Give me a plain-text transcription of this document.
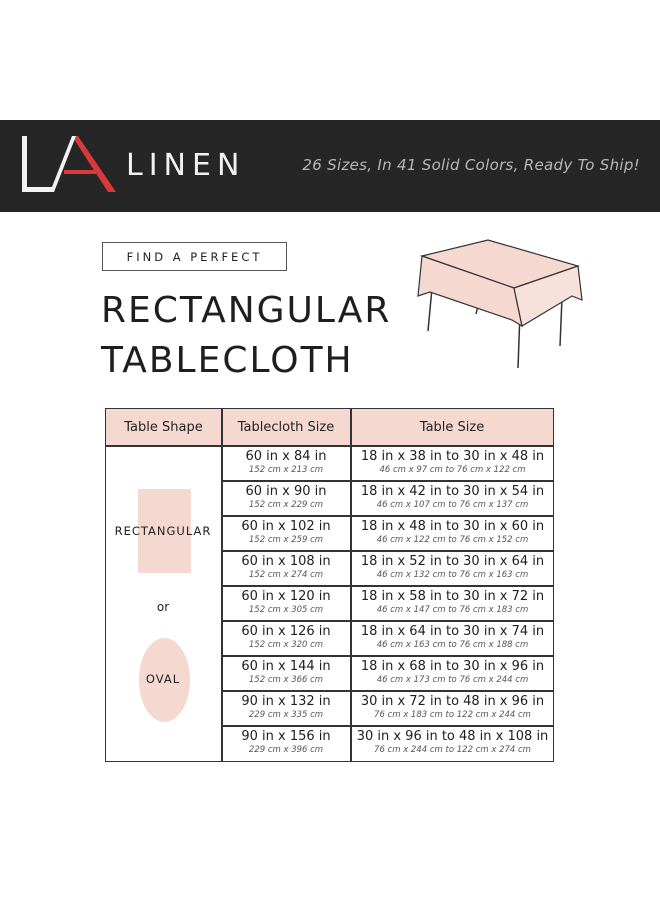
LINEN	26 Sizes, In 41 Solid Colors, Ready To Ship!
FIND A PERFECT
RECTANGULAR
TABLECLOTH
Table Shape	Tablecloth Size	Table Size
RECTANGULAR
or
OVAL
60 in x 84 in
152 cm x 213 cm
18 in x 38 in to 30 in x 48 in
46 cm x 97 cm to 76 cm x 122 cm
60 in x 90 in
152 cm x 229 cm
18 in x 42 in to 30 in x 54 in
46 cm x 107 cm to 76 cm x 137 cm
60 in x 102 in
152 cm x 259 cm
18 in x 48 in to 30 in x 60 in
46 cm x 122 cm to 76 cm x 152 cm
60 in x 108 in
152 cm x 274 cm
18 in x 52 in to 30 in x 64 in
46 cm x 132 cm to 76 cm x 163 cm
60 in x 120 in
152 cm x 305 cm
18 in x 58 in to 30 in x 72 in
46 cm x 147 cm to 76 cm x 183 cm
60 in x 126 in
152 cm x 320 cm
18 in x 64 in to 30 in x 74 in
46 cm x 163 cm to 76 cm x 188 cm
60 in x 144 in
152 cm x 366 cm
18 in x 68 in to 30 in x 96 in
46 cm x 173 cm to 76 cm x 244 cm
90 in x 132 in
229 cm x 335 cm
30 in x 72 in to 48 in x 96 in
76 cm x 183 cm to 122 cm x 244 cm
90 in x 156 in
229 cm x 396 cm
30 in x 96 in to 48 in x 108 in
76 cm x 244 cm to 122 cm x 274 cm
